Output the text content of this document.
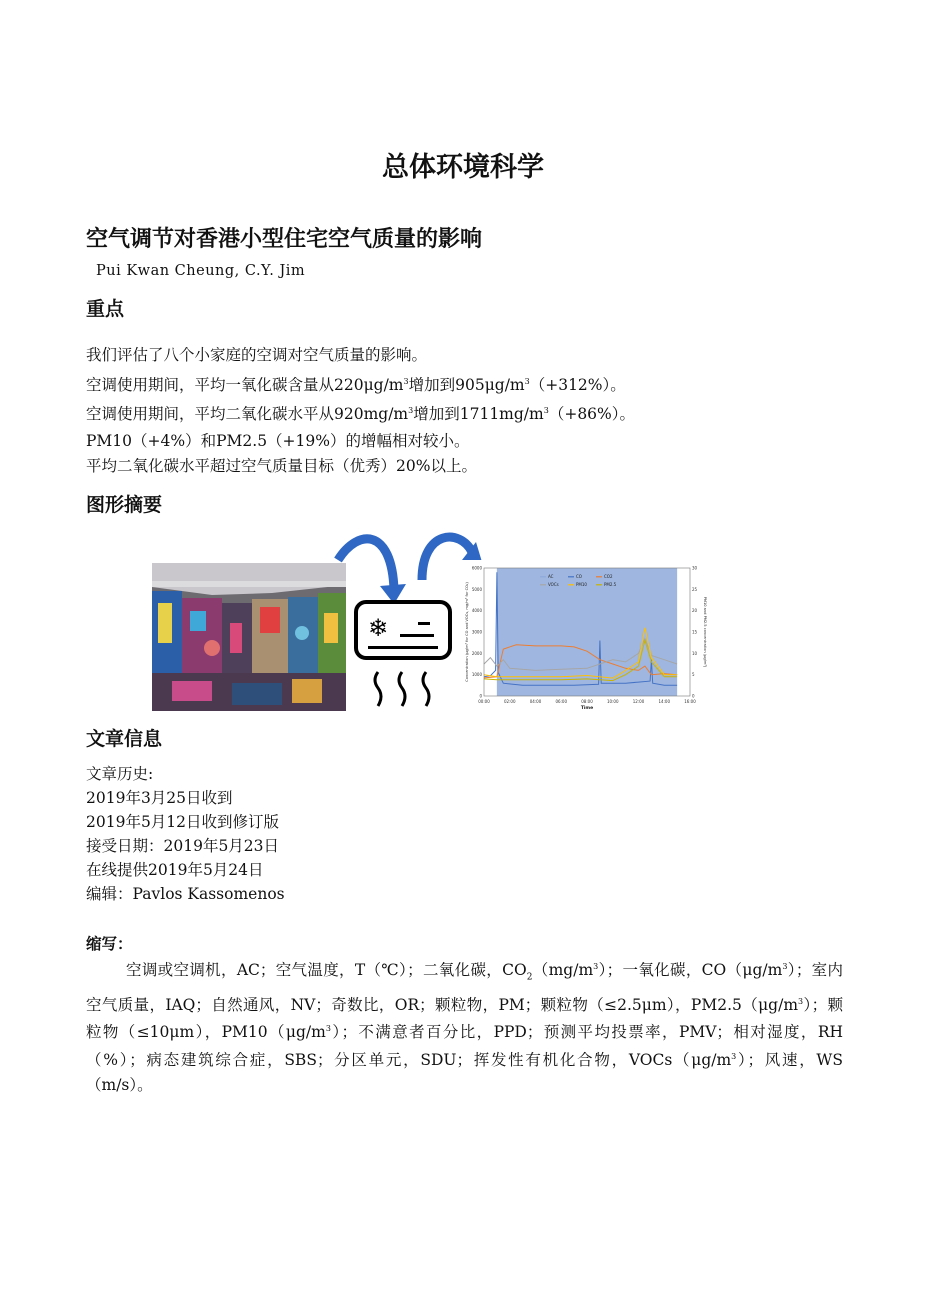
总体环境科学
空气调节对香港小型住宅空气质量的影响
Pui Kwan Cheung, C.Y. Jim
重点
我们评估了八个小家庭的空调对空气质量的影响。
空调使用期间，平均一氧化碳含量从$220\mu g/m^3$增加到$905\mu g/m^3(+312\%)$。
空调使用期间，平均二氧化碳水平从$920mg/m^3$增加到$1711mg/m^3(+86\%)$。
PM10（+4%）和PM2.5（+19%）的增幅相对较小。
平均二氧化碳水平超过空气质量目标（优秀）20%以上。
图形摘要
❄
00:00	02:00	04:00	06:00	08:00	10:00	12:00	14:00	16:00
0
1000
2000
3000
4000
5000
6000
0
5
10
15
20
25
30
Time
Concentration (μg/m³ for CO and VOCs, mg/m³ for CO₂)	PM10 and PM2.5 concentration (μg/m³)
AC	CO	CO2
VOCs	PM10	PM2.5
文章信息
文章历史:
2019年3月25日收到
2019年5月12日收到修订版
接受日期：2019年5月23日
在线提供2019年5月24日
编辑：Pavlos Kassomenos
缩写：
空调或空调机，AC；空气温度，T（℃）；二氧化碳，$CO_2(mg/m^3)$；一氧化碳，$CO(\mu g/m^3)$；室内空气质量，IAQ；自然通风，NV；奇数比，OR；颗粒物，PM；颗粒物（≤2.5μm），$PM2.5(\mu g/m^3)$；颗粒物（≤10μm），$PM10(\mu g/m^3)$；不满意者百分比，PPD；预测平均投票率，PMV；相对湿度，RH（%）；病态建筑综合症，SBS；分区单元，SDU；挥发性有机化合物，$VOCs(\mu g/m^3)$；风速，WS（m/s）。
